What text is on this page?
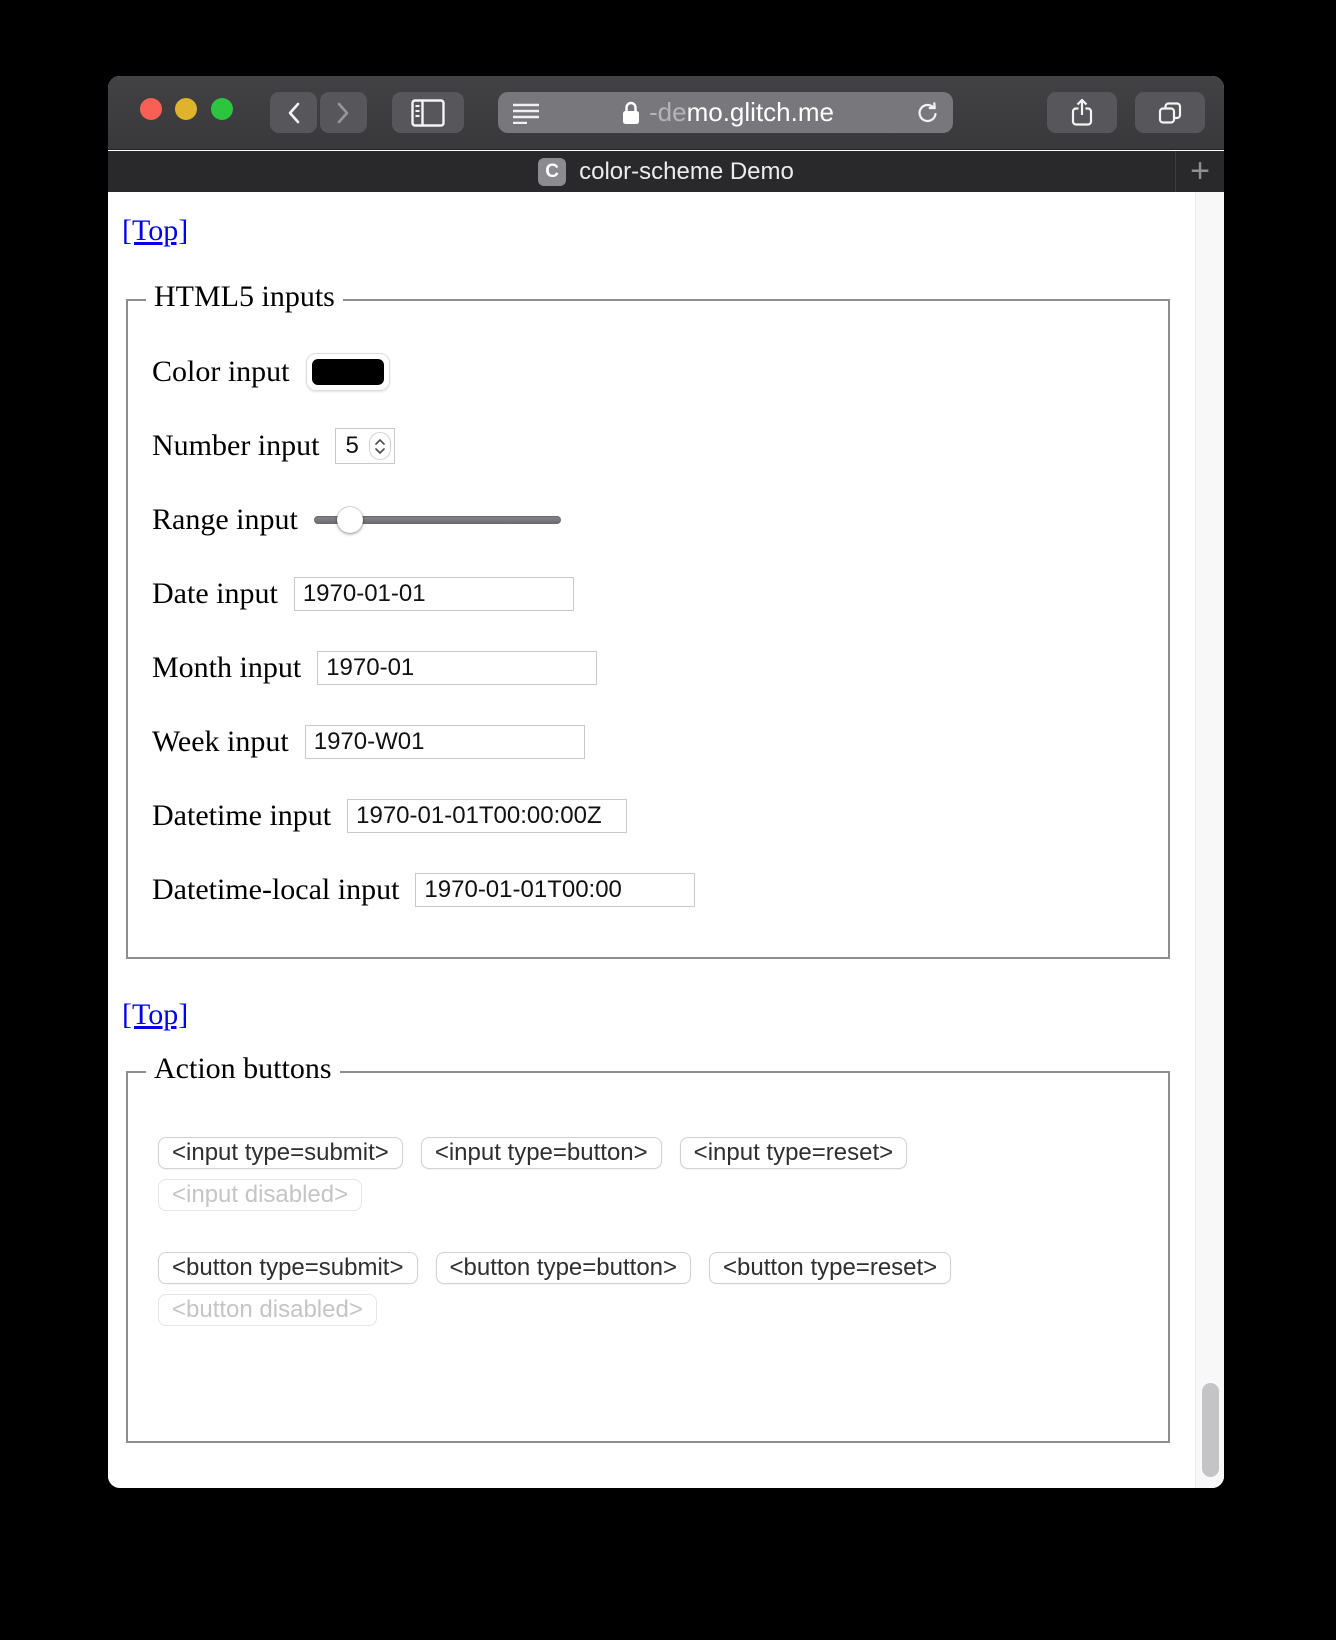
-demo.glitch.me
C color-scheme Demo	+
[Top]
HTML5 inputs
Color input
Number input 5
Range input
Date input	1970-01-01
Month input	1970-01
Week input	1970-W01
Datetime input	1970-01-01T00:00:00Z
Datetime-local input	1970-01-01T00:00
[Top]
Action buttons
<input type=submit>	<input type=button>	<input type=reset>
<input disabled>
<button type=submit>	<button type=button>	<button type=reset>
<button disabled>
